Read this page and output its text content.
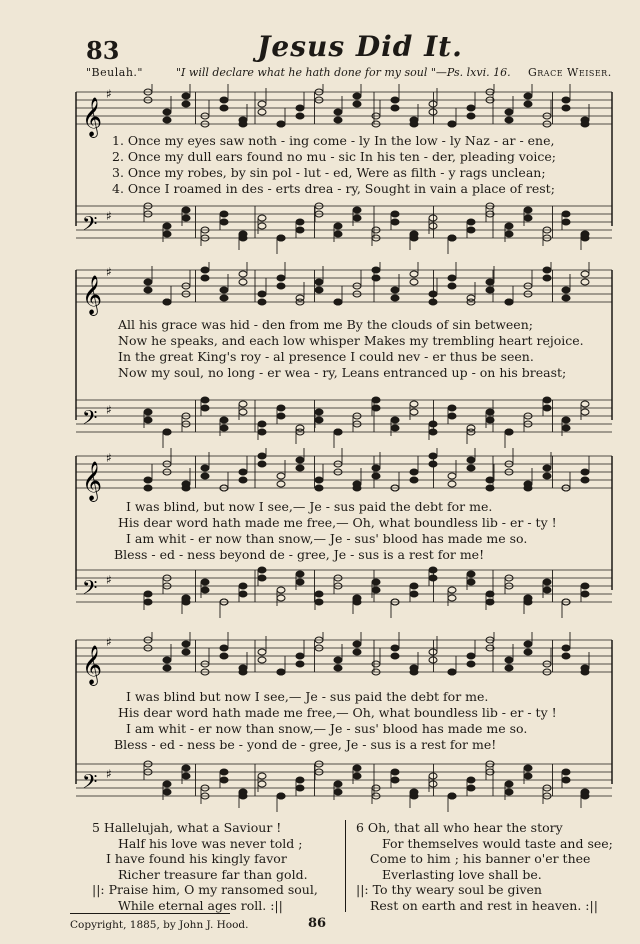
83	Jesus Did It.
"Beulah."	"I will declare what he hath done for my soul "—Ps. lxvi. 16. Grace Weiser.
𝄞
♯
𝄢 ♯
1. Once my eyes saw noth - ing come - ly In the low - ly Naz - ar - ene,
2. Once my dull ears found no mu - sic In his ten - der, pleading voice;
3. Once my robes, by sin pol - lut - ed, Were as filth - y rags unclean;
4. Once I roamed in des - erts drea - ry, Sought in vain a place of rest;
𝄞
♯
𝄢 ♯
All his grace was hid - den from me By the clouds of sin between;
Now he speaks, and each low whisper Makes my trembling heart rejoice.
In the great King's roy - al presence I could nev - er thus be seen.
Now my soul, no long - er wea - ry, Leans entranced up - on his breast;
𝄞
♯
𝄢 ♯
I was blind, but now I see,— Je - sus paid the debt for me.
His dear word hath made me free,— Oh, what boundless lib - er - ty !
I am whit - er now than snow,— Je - sus' blood has made me so.
Bless - ed - ness beyond de - gree, Je - sus is a rest for me!
𝄞
♯
𝄢 ♯
I was blind but now I see,— Je - sus paid the debt for me.
His dear word hath made me free,— Oh, what boundless lib - er - ty !
I am whit - er now than snow,— Je - sus' blood has made me so.
Bless - ed - ness be - yond de - gree, Je - sus is a rest for me!
5 Hallelujah, what a Saviour !
Half his love was never told ;
I have found his kingly favor
Richer treasure far than gold.
||: Praise him, O my ransomed soul,
While eternal ages roll. :||
6 Oh, that all who hear the story
For themselves would taste and see;
Come to him ; his banner o'er thee
Everlasting love shall be.
||: To thy weary soul be given
Rest on earth and rest in heaven. :||
Copyright, 1885, by John J. Hood.	86
